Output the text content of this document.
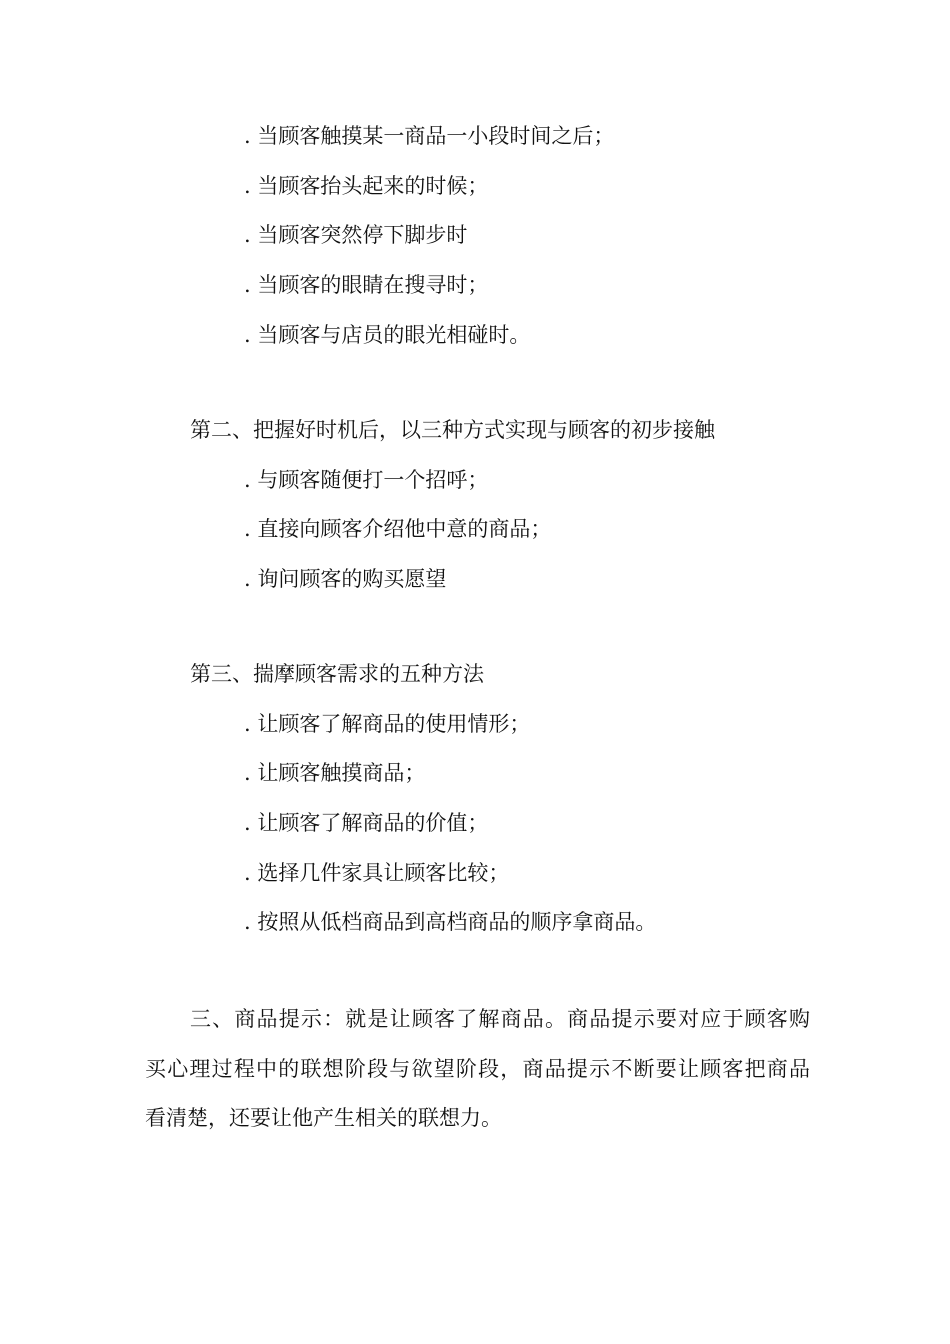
. 当顾客触摸某一商品一小段时间之后；
. 当顾客抬头起来的时候；
. 当顾客突然停下脚步时
. 当顾客的眼睛在搜寻时；
. 当顾客与店员的眼光相碰时。
第二、把握好时机后，以三种方式实现与顾客的初步接触
. 与顾客随便打一个招呼；
. 直接向顾客介绍他中意的商品；
. 询问顾客的购买愿望
第三、揣摩顾客需求的五种方法
. 让顾客了解商品的使用情形；
. 让顾客触摸商品；
. 让顾客了解商品的价值；
. 选择几件家具让顾客比较；
. 按照从低档商品到高档商品的顺序拿商品。
三、商品提示：就是让顾客了解商品。商品提示要对应于顾客购
买心理过程中的联想阶段与欲望阶段，商品提示不断要让顾客把商品
看清楚，还要让他产生相关的联想力。
